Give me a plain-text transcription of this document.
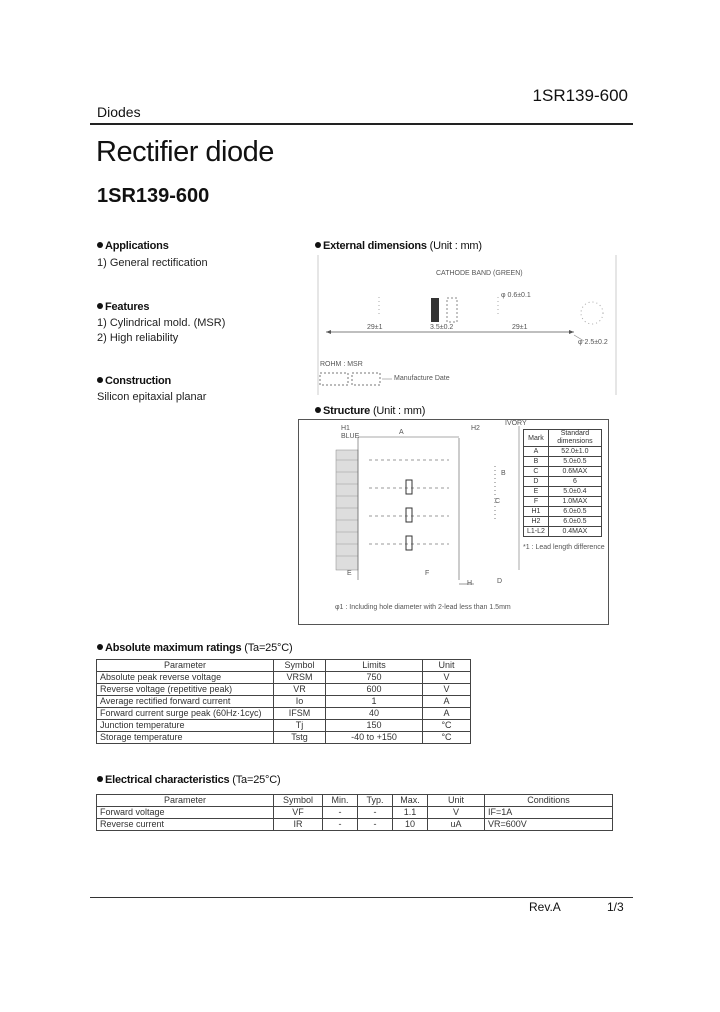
Diodes
1SR139-600
Rectifier diode
1SR139-600
Applications
1) General rectification
Features
1) Cylindrical mold. (MSR)
2) High reliability
Construction
Silicon epitaxial planar
External dimensions (Unit : mm)
CATHODE BAND (GREEN)
φ 0.6±0.1
29±1	3.5±0.2	29±1
φ 2.5±0.2
ROHM : MSR
Manufacture Date
Structure (Unit : mm)
IVORY
BLUE
H1	H2
A
B
C
D
E	F
H
Mark	Standard dimensions
A	52.0±1.0
B	5.0±0.5
C	0.6MAX
D	6
E	5.0±0.4
F	1.0MAX
H1	6.0±0.5
H2	6.0±0.5
L1-L2	0.4MAX
*1 : Lead length difference
φ1 : Including hole diameter with 2-lead less than 1.5mm
Absolute maximum ratings (Ta=25°C)
Parameter	Symbol	Limits	Unit
Absolute peak reverse voltage	VRSM	750	V
Reverse voltage (repetitive peak)	VR	600	V
Average rectified forward current	Io	1	A
Forward current surge peak (60Hz·1cyc)	IFSM	40	A
Junction temperature	Tj	150	°C
Storage temperature	Tstg	-40 to +150	°C
Electrical characteristics (Ta=25°C)
Parameter	Symbol	Min.	Typ.	Max.	Unit	Conditions
Forward voltage	VF	-	-	1.1	V	IF=1A
Reverse current	IR	-	-	10	uA	VR=600V
Rev.A	1/3
